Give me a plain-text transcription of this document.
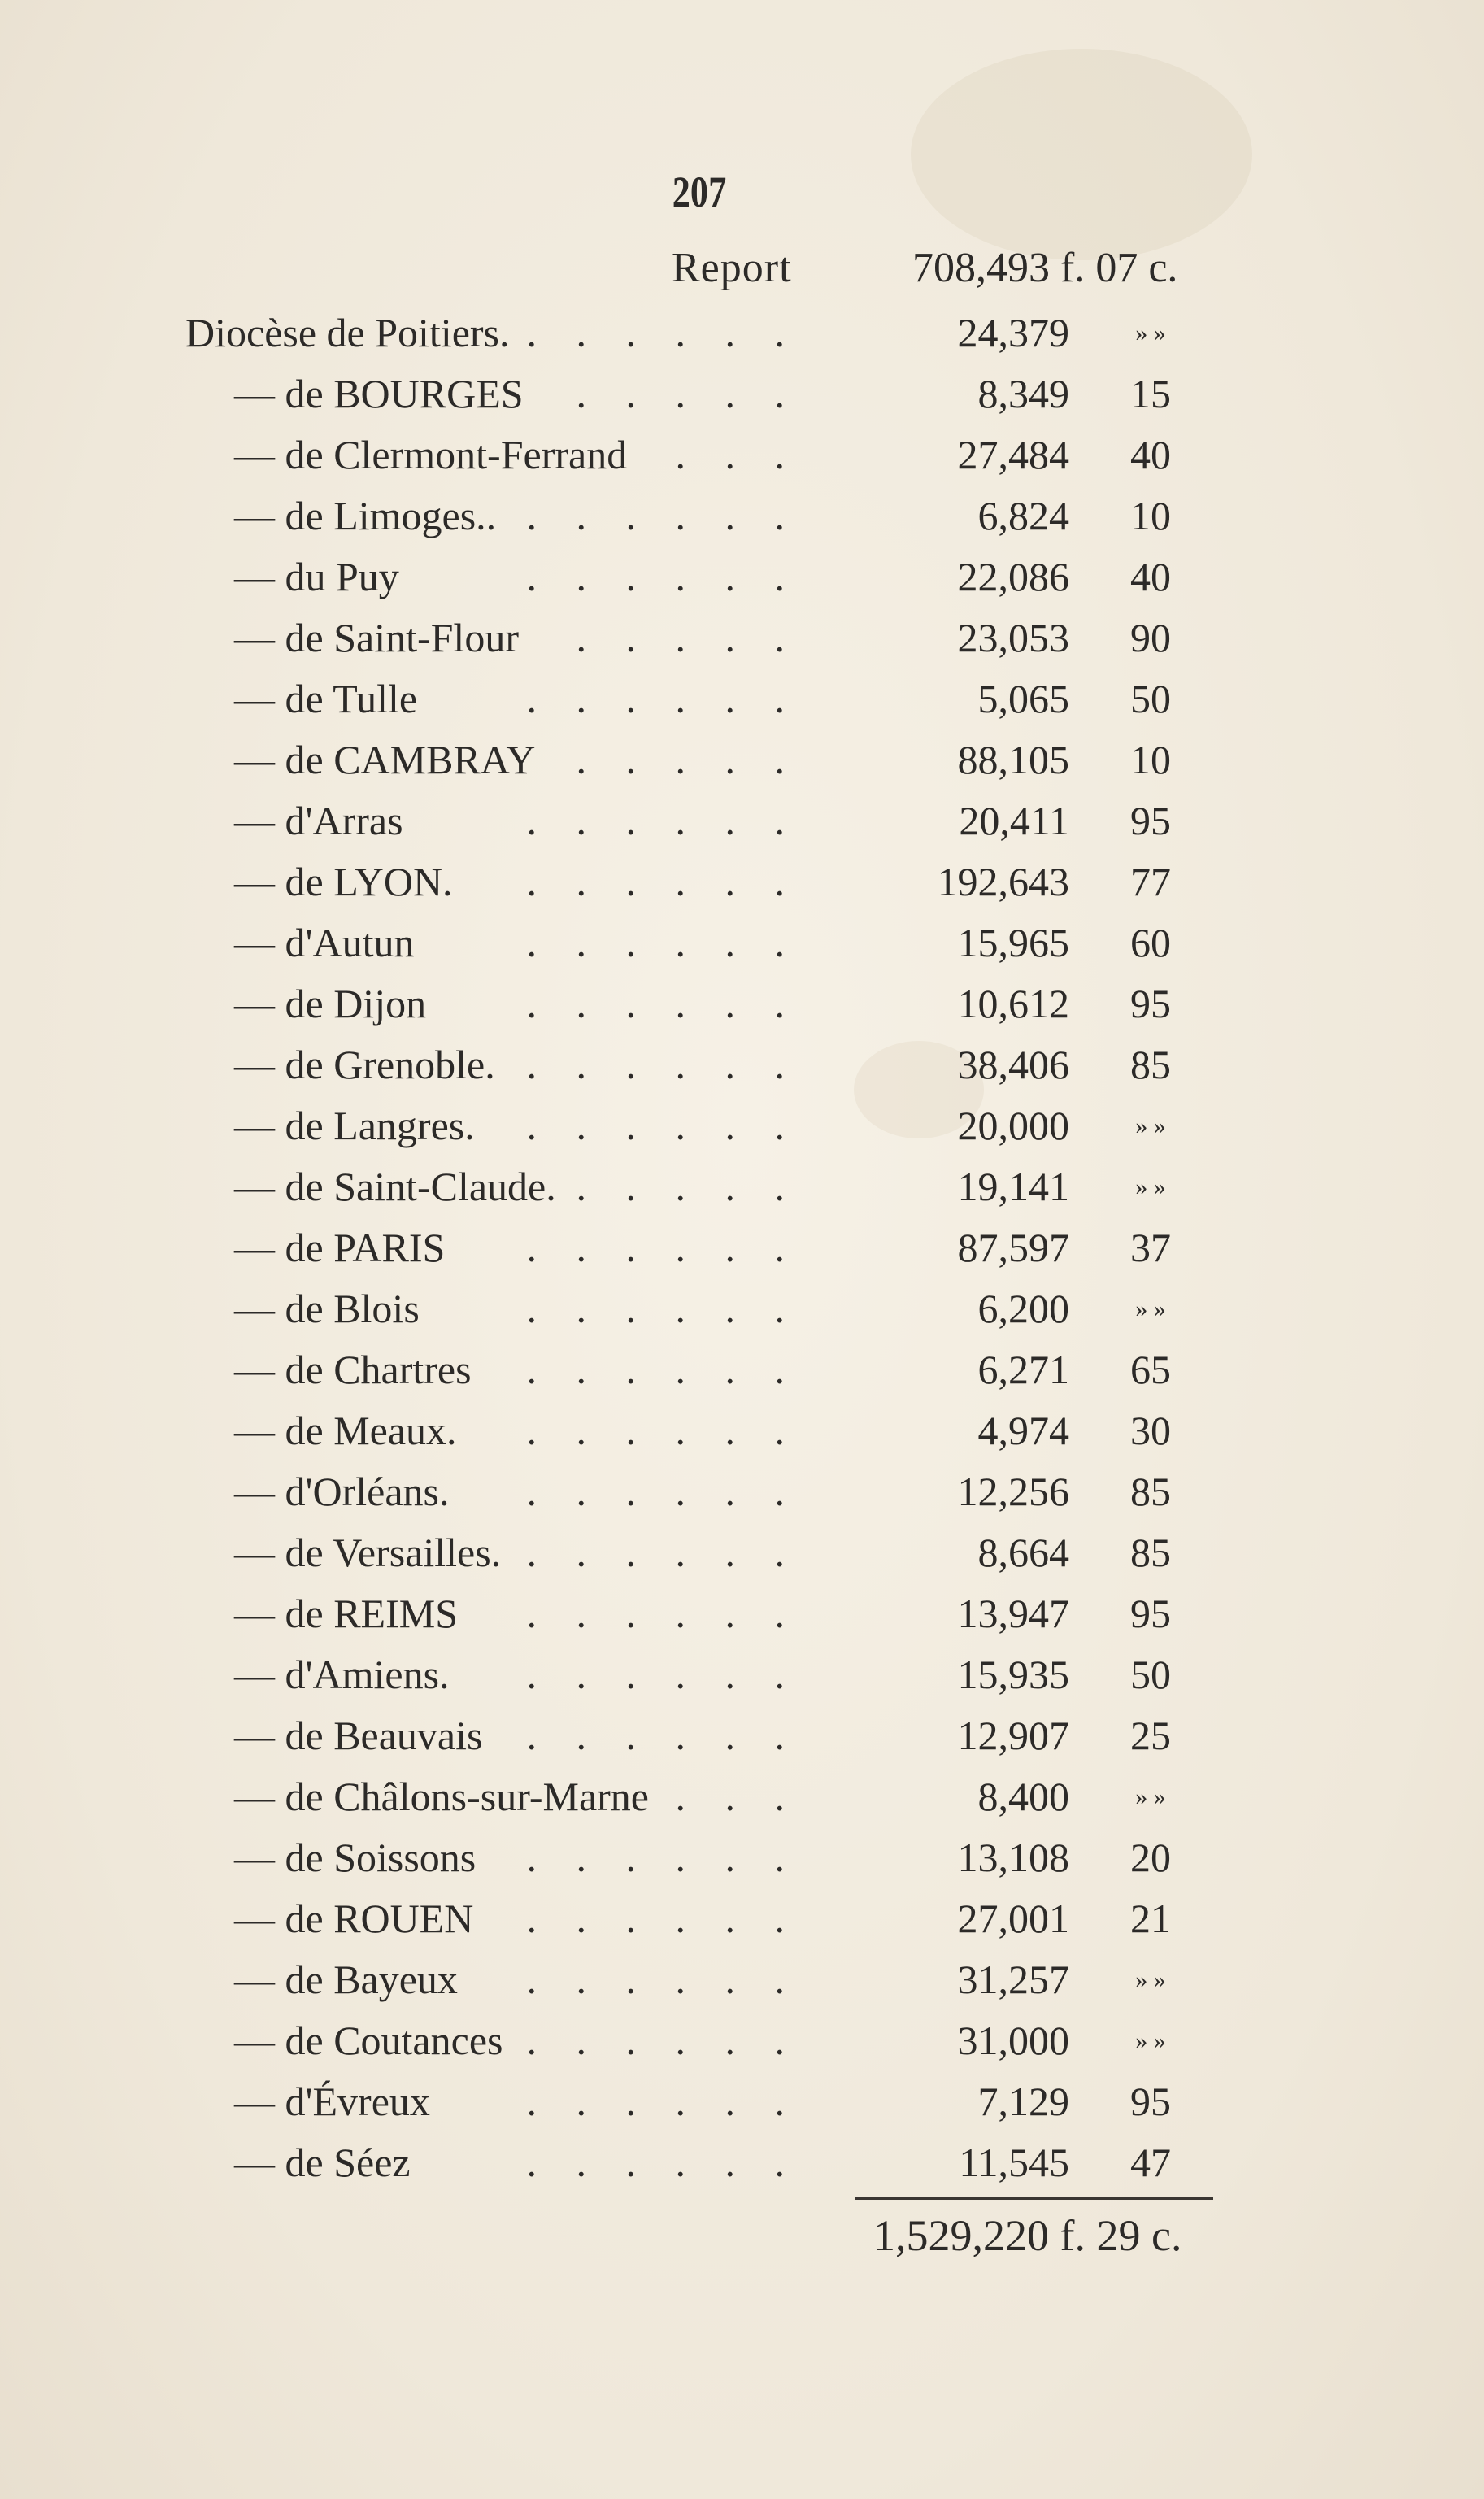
207
Report	708,493 f. 07 c.
Diocèse de Poitiers. . . . . . .	24,379	» »
— de BOURGES . . . . .	8,349	15
— de Clermont-Ferrand . . .	27,484	40
— de Limoges.. . . . . . .	6,824	10
— du Puy	. . . . . .	22,086	40
— de Saint-Flour . . . . .	23,053	90
— de Tulle	. . . . . .	5,065	50
— de CAMBRAY . . . . .	88,105	10
— d'Arras	. . . . . .	20,411	95
— de LYON. . . . . . .	192,643	77
— d'Autun	. . . . . .	15,965	60
— de Dijon . . . . . .	10,612	95
— de Grenoble. . . . . . .	38,406	85
— de Langres. . . . . . .	20,000	» »
— de Saint-Claude. . . . . .	19,141	» »
— de PARIS . . . . . .	87,597	37
— de Blois	. . . . . .	6,200	» »
— de Chartres . . . . . .	6,271	65
— de Meaux. . . . . . .	4,974	30
— d'Orléans. . . . . . .	12,256	85
— de Versailles. . . . . . .	8,664	85
— de REIMS . . . . . .	13,947	95
— d'Amiens. . . . . . .	15,935	50
— de Beauvais . . . . . .	12,907	25
— de Châlons-sur-Marne . . .	8,400	» »
— de Soissons . . . . . .	13,108	20
— de ROUEN . . . . . .	27,001	21
— de Bayeux . . . . . .	31,257	» »
— de Coutances . . . . . .	31,000	» »
— d'Évreux . . . . . .	7,129	95
— de Séez	. . . . . .	11,545	47
1,529,220 f. 29 c.
